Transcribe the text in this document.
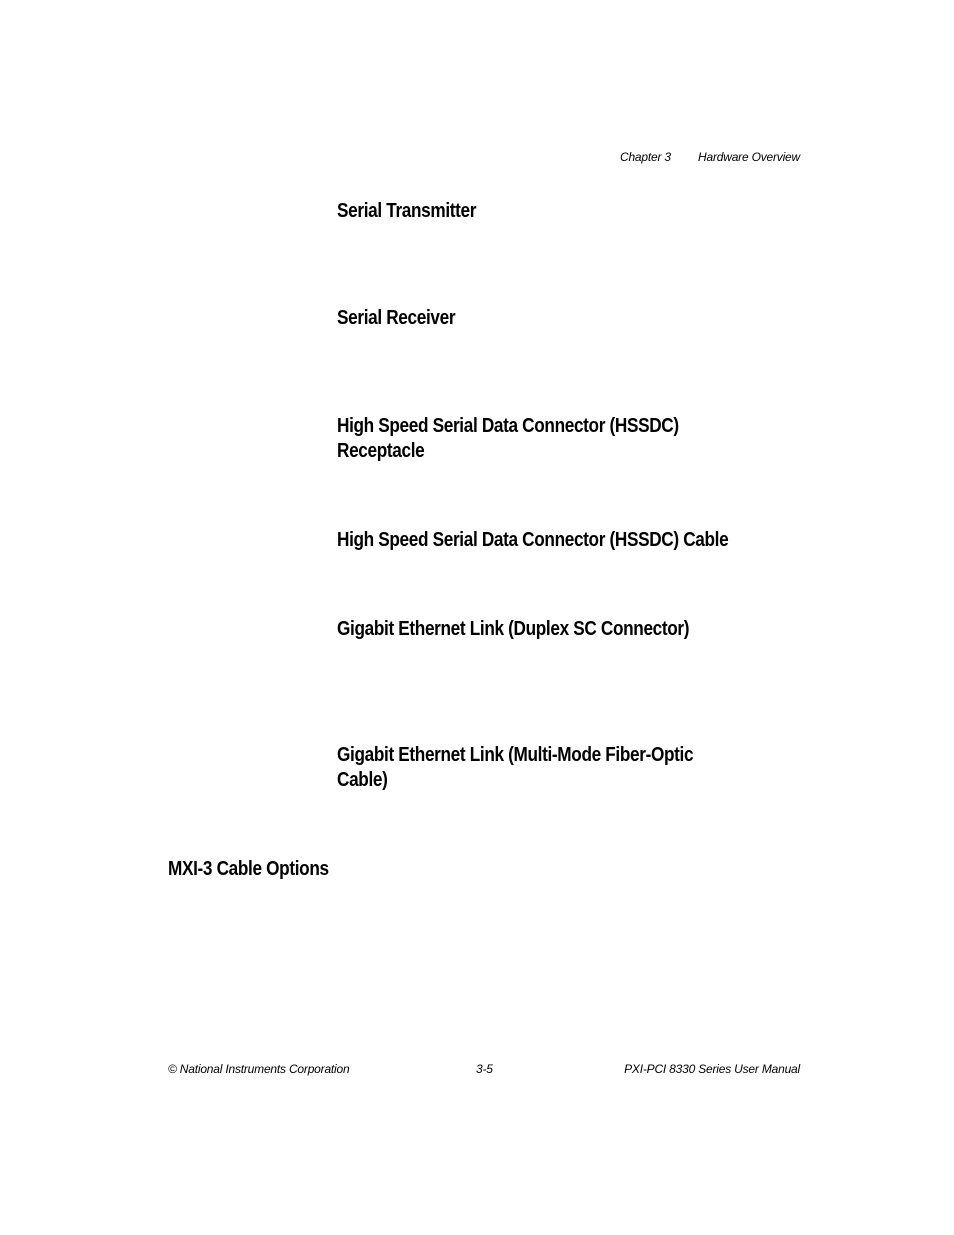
Chapter 3 Hardware Overview
Serial Transmitter
Serial Receiver
High Speed Serial Data Connector (HSSDC)
Receptacle
High Speed Serial Data Connector (HSSDC) Cable
Gigabit Ethernet Link (Duplex SC Connector)
Gigabit Ethernet Link (Multi-Mode Fiber-Optic
Cable)
MXI-3 Cable Options
© National Instruments Corporation	3-5	PXI-PCI 8330 Series User Manual
